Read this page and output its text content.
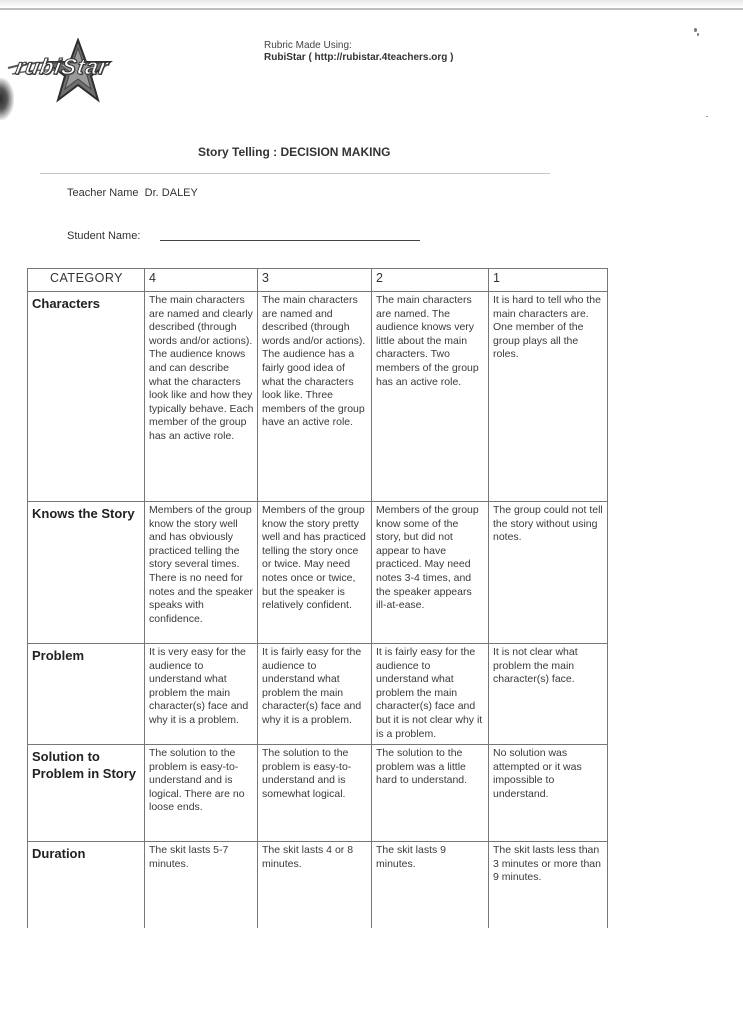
rubiStar
Rubric Made Using:
RubiStar ( http://rubistar.4teachers.org )
Story Telling : DECISION MAKING
Teacher Name Dr. DALEY
Student Name:
CATEGORY	4	3	2	1
Characters	The main characters are named and clearly described (through words and/or actions). The audience knows and can describe what the characters look like and how they typically behave. Each member of the group has an active role.	The main characters are named and described (through words and/or actions). The audience has a fairly good idea of what the characters look like. Three members of the group have an active role.	The main characters are named. The audience knows very little about the main characters. Two members of the group has an active role.	It is hard to tell who the main characters are. One member of the group plays all the roles.
Knows the Story	Members of the group know the story well and has obviously practiced telling the story several times. There is no need for notes and the speaker speaks with confidence.	Members of the group know the story pretty well and has practiced telling the story once or twice. May need notes once or twice, but the speaker is relatively confident.	Members of the group know some of the story, but did not appear to have practiced. May need notes 3-4 times, and the speaker appears ill-at-ease.	The group could not tell the story without using notes.
Problem	It is very easy for the audience to understand what problem the main character(s) face and why it is a problem.	It is fairly easy for the audience to understand what problem the main character(s) face and why it is a problem.	It is fairly easy for the audience to understand what problem the main character(s) face and but it is not clear why it is a problem.	It is not clear what problem the main character(s) face.
Solution to Problem in Story	The solution to the problem is easy-to-understand and is logical. There are no loose ends.	The solution to the problem is easy-to-understand and is somewhat logical.	The solution to the problem was a little hard to understand.	No solution was attempted or it was impossible to understand.
Duration	The skit lasts 5-7 minutes.	The skit lasts 4 or 8 minutes.	The skit lasts 9 minutes.	The skit lasts less than 3 minutes or more than 9 minutes.
